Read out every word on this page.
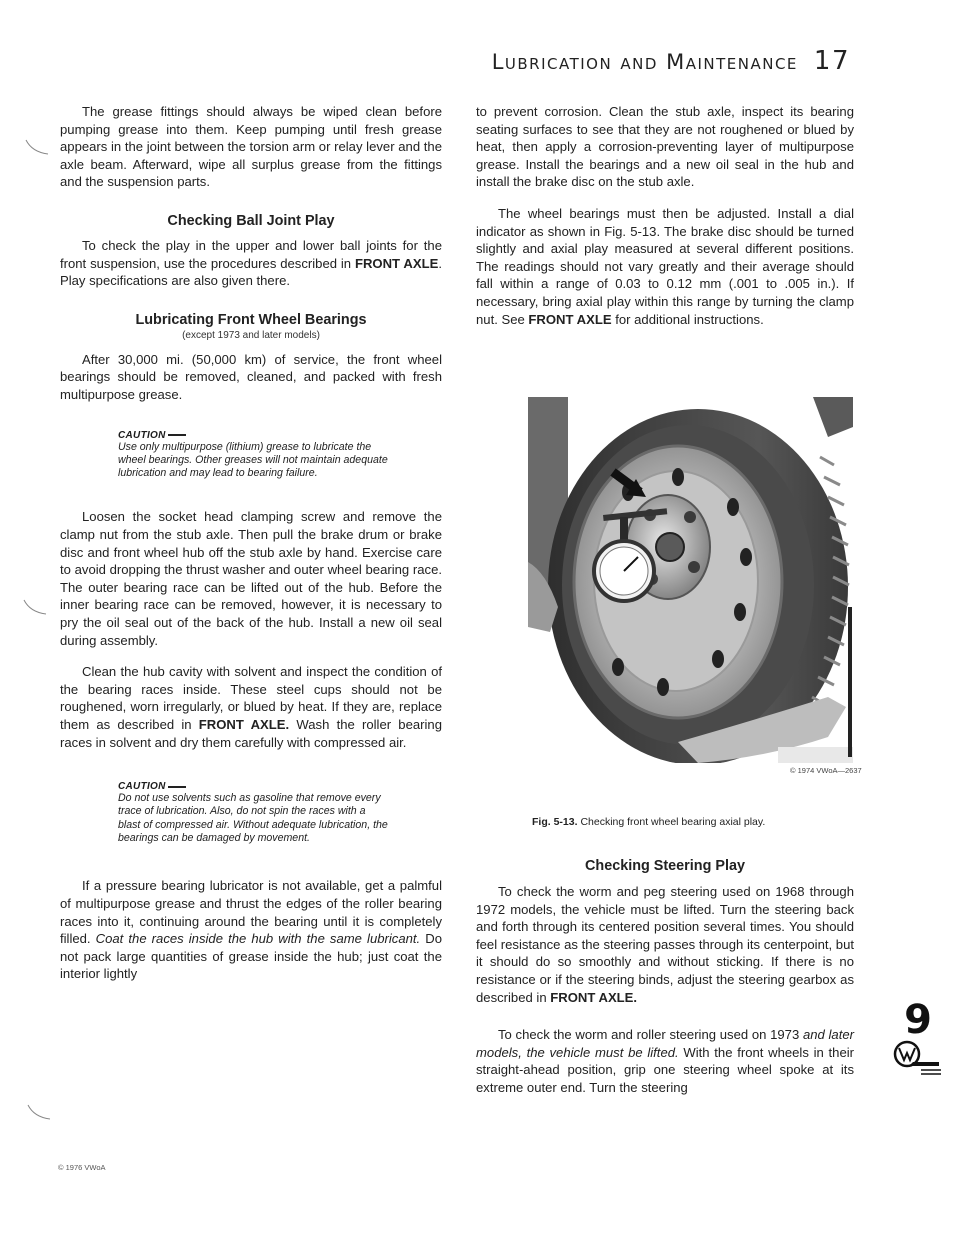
Lubrication and Maintenance 17

The grease fittings should always be wiped clean before pumping grease into them. Keep pumping until fresh grease appears in the joint between the torsion arm or relay lever and the axle beam. Afterward, wipe all surplus grease from the fittings and the suspension parts.

Checking Ball Joint Play

To check the play in the upper and lower ball joints for the front suspension, use the procedures described in FRONT AXLE. Play specifications are also given there.

Lubricating Front Wheel Bearings

(except 1973 and later models)

After 30,000 mi. (50,000 km) of service, the front wheel bearings should be removed, cleaned, and packed with fresh multipurpose grease.

CAUTION
Use only multipurpose (lithium) grease to lubricate the wheel bearings. Other greases will not maintain adequate lubrication and may lead to bearing failure.

Loosen the socket head clamping screw and remove the clamp nut from the stub axle. Then pull the brake drum or brake disc and front wheel hub off the stub axle by hand. Exercise care to avoid dropping the thrust washer and outer wheel bearing race. The outer bearing race can be lifted out of the hub. Before the inner bearing race can be removed, however, it is necessary to pry the oil seal out of the back of the hub. Install a new oil seal during assembly.

Clean the hub cavity with solvent and inspect the condition of the bearing races inside. These steel cups should not be roughened, worn irregularly, or blued by heat. If they are, replace them as described in FRONT AXLE. Wash the roller bearing races in solvent and dry them carefully with compressed air.

CAUTION
Do not use solvents such as gasoline that remove every trace of lubrication. Also, do not spin the races with a blast of compressed air. Without adequate lubrication, the bearings can be damaged by movement.

If a pressure bearing lubricator is not available, get a palmful of multipurpose grease and thrust the edges of the roller bearing races into it, continuing around the bearing until it is completely filled. Coat the races inside the hub with the same lubricant. Do not pack large quantities of grease inside the hub; just coat the interior lightly

to prevent corrosion. Clean the stub axle, inspect its bearing seating surfaces to see that they are not roughened or blued by heat, then apply a corrosion-preventing layer of multipurpose grease. Install the bearings and a new oil seal in the hub and install the brake disc on the stub axle.

The wheel bearings must then be adjusted. Install a dial indicator as shown in Fig. 5-13. The brake disc should be turned slightly and axial play measured at several different positions. The readings should not vary greatly and their average should fall within a range of 0.03 to 0.12 mm (.001 to .005 in.). If necessary, bring axial play within this range by turning the clamp nut. See FRONT AXLE for additional instructions.

© 1974 VWoA—2637
Fig. 5-13. Checking front wheel bearing axial play.
Checking Steering Play

To check the worm and peg steering used on 1968 through 1972 models, the vehicle must be lifted. Turn the steering back and forth through its centered position several times. You should feel resistance as the steering passes through its centerpoint, but it should do so smoothly and without sticking. If there is no resistance or if the steering binds, adjust the steering gearbox as described in FRONT AXLE.

To check the worm and roller steering used on 1973 and later models, the vehicle must be lifted. With the front wheels in their straight-ahead position, grip one steering wheel spoke at its extreme outer end. Turn the steering

9
© 1976 VWoA
